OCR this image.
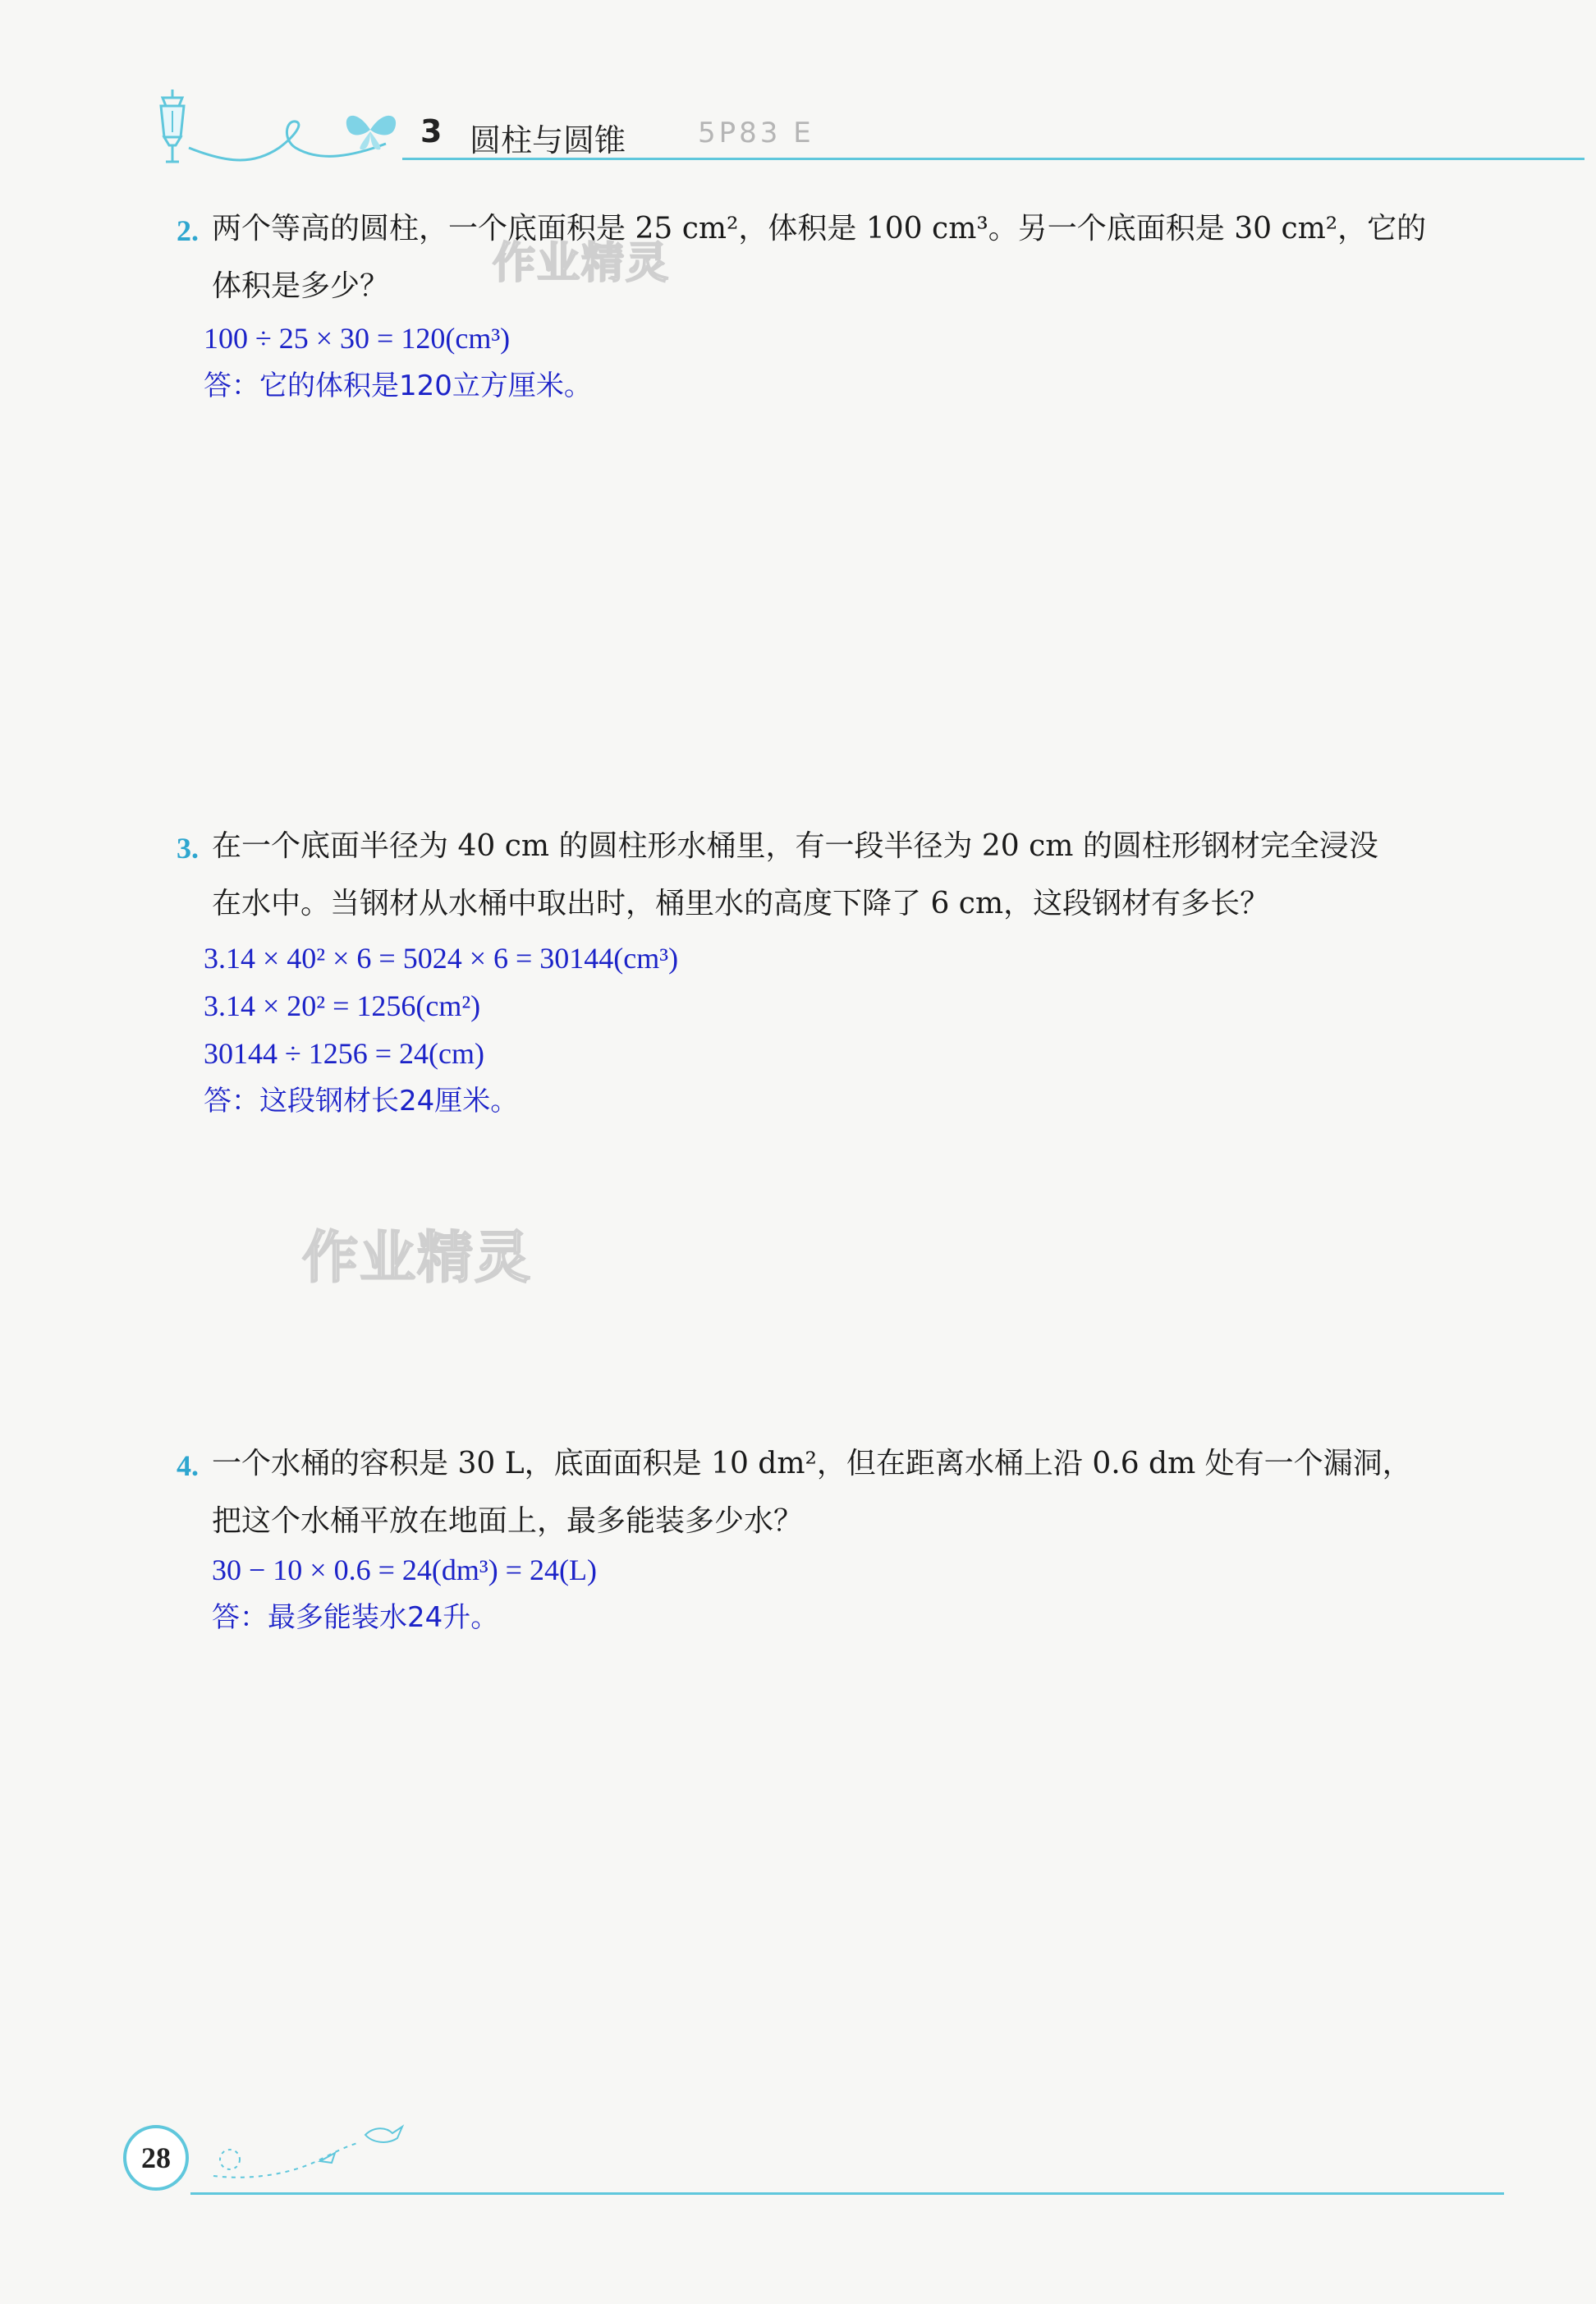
3 圆柱与圆锥	5P83 E
2. 两个等高的圆柱，一个底面积是 25 cm²，体积是 100 cm³。另一个底面积是 30 cm²，它的
体积是多少？
100 ÷ 25 × 30 = 120(cm³)
答：它的体积是120立方厘米。
作业精灵
3. 在一个底面半径为 40 cm 的圆柱形水桶里，有一段半径为 20 cm 的圆柱形钢材完全浸没
在水中。当钢材从水桶中取出时，桶里水的高度下降了 6 cm，这段钢材有多长？
3.14 × 40² × 6 = 5024 × 6 = 30144(cm³)
3.14 × 20² = 1256(cm²)
30144 ÷ 1256 = 24(cm)
答：这段钢材长24厘米。
作业精灵
4. 一个水桶的容积是 30 L，底面面积是 10 dm²，但在距离水桶上沿 0.6 dm 处有一个漏洞，
把这个水桶平放在地面上，最多能装多少水？
30 − 10 × 0.6 = 24(dm³) = 24(L)
答：最多能装水24升。
28
